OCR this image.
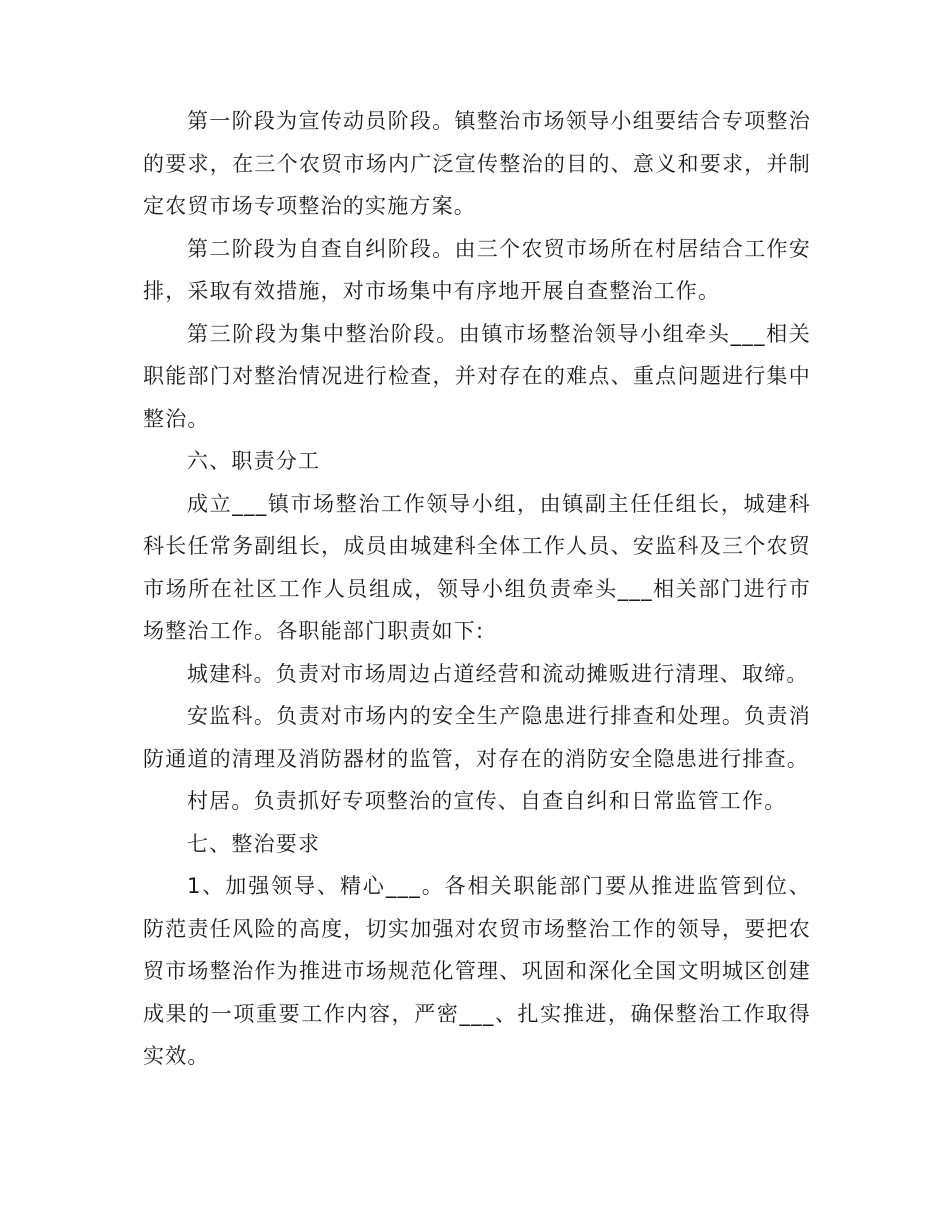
第一阶段为宣传动员阶段。镇整治市场领导小组要结合专项整治的要求，在三个农贸市场内广泛宣传整治的目的、意义和要求，并制定农贸市场专项整治的实施方案。

第二阶段为自查自纠阶段。由三个农贸市场所在村居结合工作安排，采取有效措施，对市场集中有序地开展自查整治工作。

第三阶段为集中整治阶段。由镇市场整治领导小组牵头___相关职能部门对整治情况进行检查，并对存在的难点、重点问题进行集中整治。

六、职责分工

成立___镇市场整治工作领导小组，由镇副主任任组长，城建科科长任常务副组长，成员由城建科全体工作人员、安监科及三个农贸市场所在社区工作人员组成，领导小组负责牵头___相关部门进行市场整治工作。各职能部门职责如下:

城建科。负责对市场周边占道经营和流动摊贩进行清理、取缔。

安监科。负责对市场内的安全生产隐患进行排查和处理。负责消防通道的清理及消防器材的监管，对存在的消防安全隐患进行排查。

村居。负责抓好专项整治的宣传、自查自纠和日常监管工作。

七、整治要求

1、加强领导、精心___。各相关职能部门要从推进监管到位、防范责任风险的高度，切实加强对农贸市场整治工作的领导，要把农贸市场整治作为推进市场规范化管理、巩固和深化全国文明城区创建成果的一项重要工作内容，严密___、扎实推进，确保整治工作取得实效。
